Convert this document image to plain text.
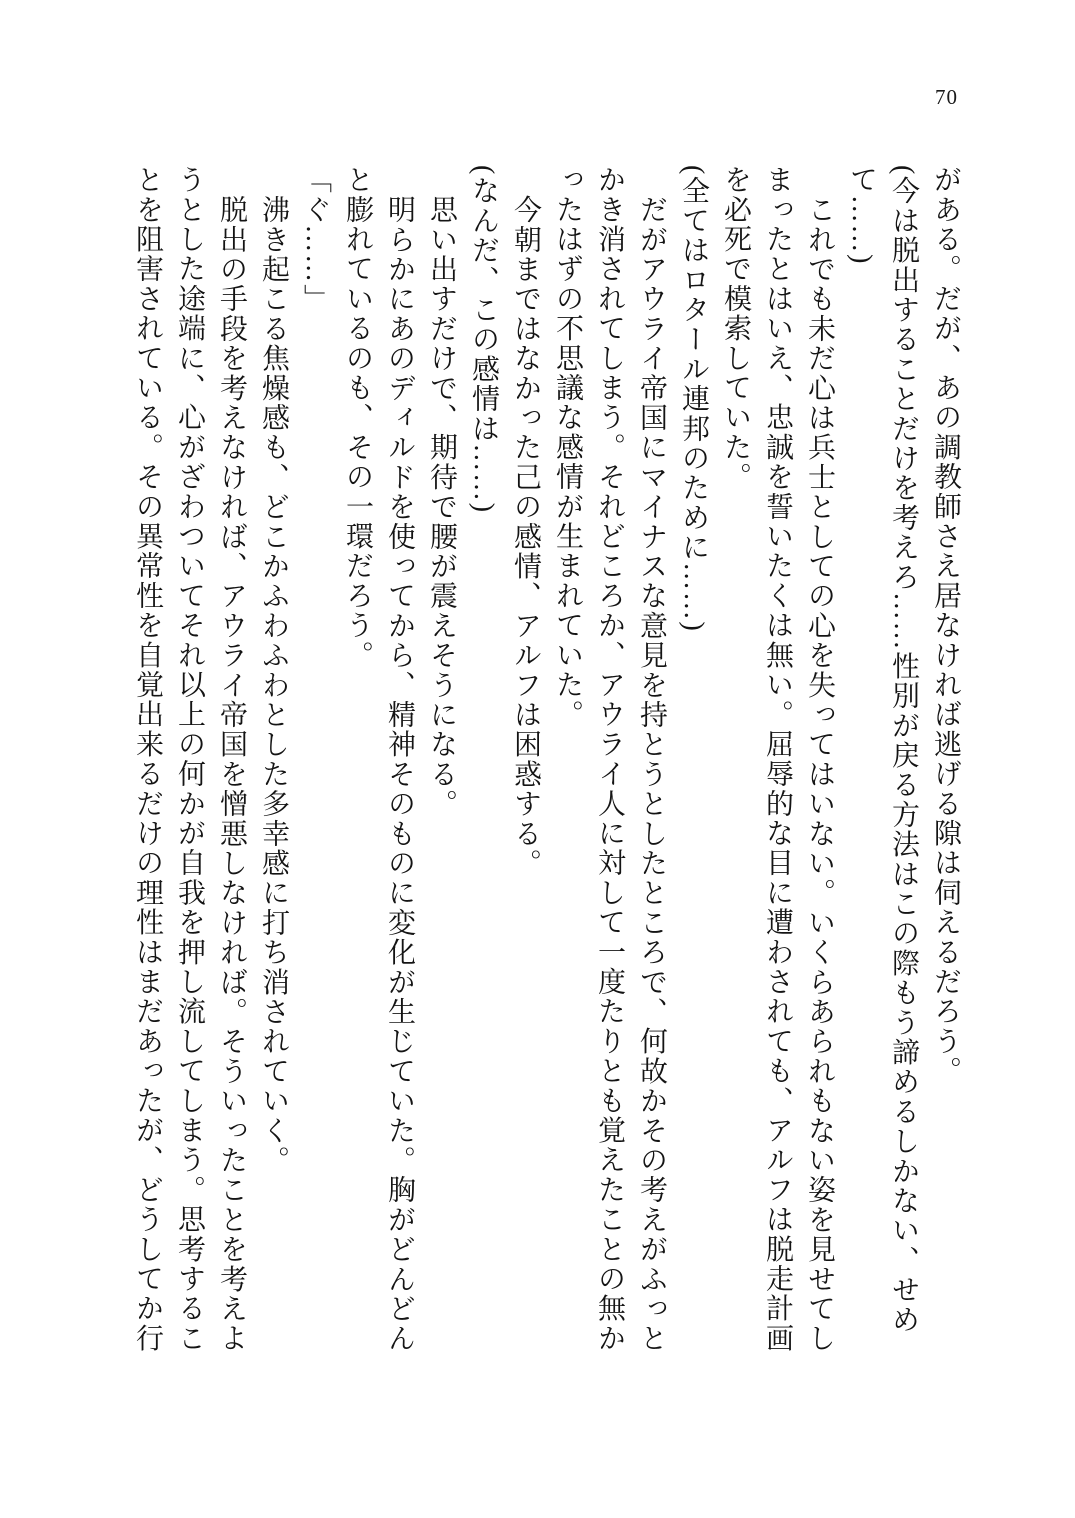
70
がある。だが、あの調教師さえ居なければ逃げる隙は伺えるだろう。
(今は脱出することだけを考えろ……性別が戻る方法はこの際もう諦めるしかない、せめ
て……)
これでも未だ心は兵士としての心を失ってはいない。いくらあられもない姿を見せてし
まったとはいえ、忠誠を誓いたくは無い。屈辱的な目に遭わされても、アルフは脱走計画
を必死で模索していた。
(全てはロタール連邦のために……)
だがアウライ帝国にマイナスな意見を持とうとしたところで、何故かその考えがふっと
かき消されてしまう。それどころか、アウライ人に対して一度たりとも覚えたことの無か
ったはずの不思議な感情が生まれていた。
今朝まではなかった己の感情、アルフは困惑する。
(なんだ、この感情は……)
思い出すだけで、期待で腰が震えそうになる。
明らかにあのディルドを使ってから、精神そのものに変化が生じていた。胸がどんどん
と膨れているのも、その一環だろう。
「ぐ……」
沸き起こる焦燥感も、どこかふわふわとした多幸感に打ち消されていく。
脱出の手段を考えなければ、アウライ帝国を憎悪しなければ。そういったことを考えよ
うとした途端に、心がざわついてそれ以上の何かが自我を押し流してしまう。思考するこ
とを阻害されている。その異常性を自覚出来るだけの理性はまだあったが、どうしてか行
